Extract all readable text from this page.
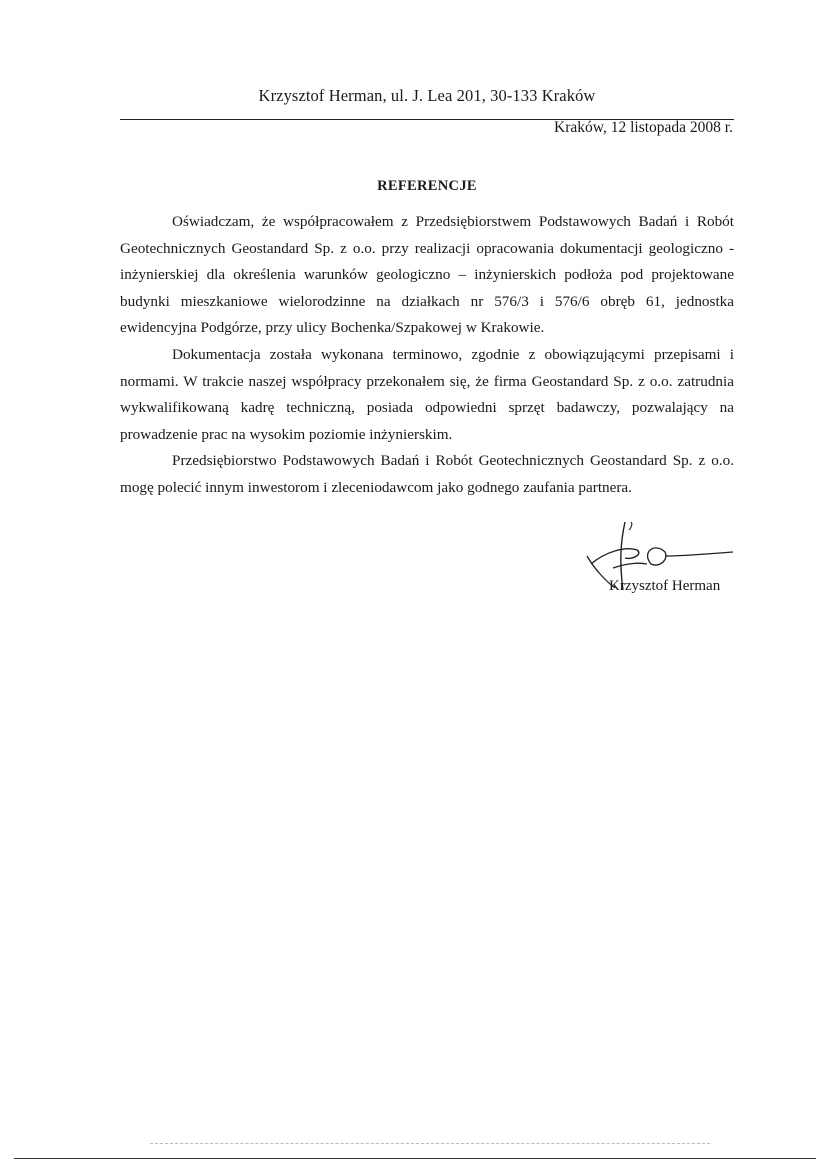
Krzysztof Herman, ul. J. Lea 201, 30-133 Kraków
Kraków, 12 listopada 2008 r.
REFERENCJE

Oświadczam, że współpracowałem z Przedsiębiorstwem Podstawowych Badań i Robót Geotechnicznych Geostandard Sp. z o.o. przy realizacji opracowania dokumentacji geologiczno - inżynierskiej dla określenia warunków geologiczno – inżynierskich podłoża pod projektowane budynki mieszkaniowe wielorodzinne na działkach nr 576/3 i 576/6 obręb 61, jednostka ewidencyjna Podgórze, przy ulicy Bochenka/Szpakowej w Krakowie.

Dokumentacja została wykonana terminowo, zgodnie z obowiązującymi przepisami i normami. W trakcie naszej współpracy przekonałem się, że firma Geostandard Sp. z o.o. zatrudnia wykwalifikowaną kadrę techniczną, posiada odpowiedni sprzęt badawczy, pozwalający na prowadzenie prac na wysokim poziomie inżynierskim.

Przedsiębiorstwo Podstawowych Badań i Robót Geotechnicznych Geostandard Sp. z o.o. mogę polecić innym inwestorom i zleceniodawcom jako godnego zaufania partnera.

Krzysztof Herman
